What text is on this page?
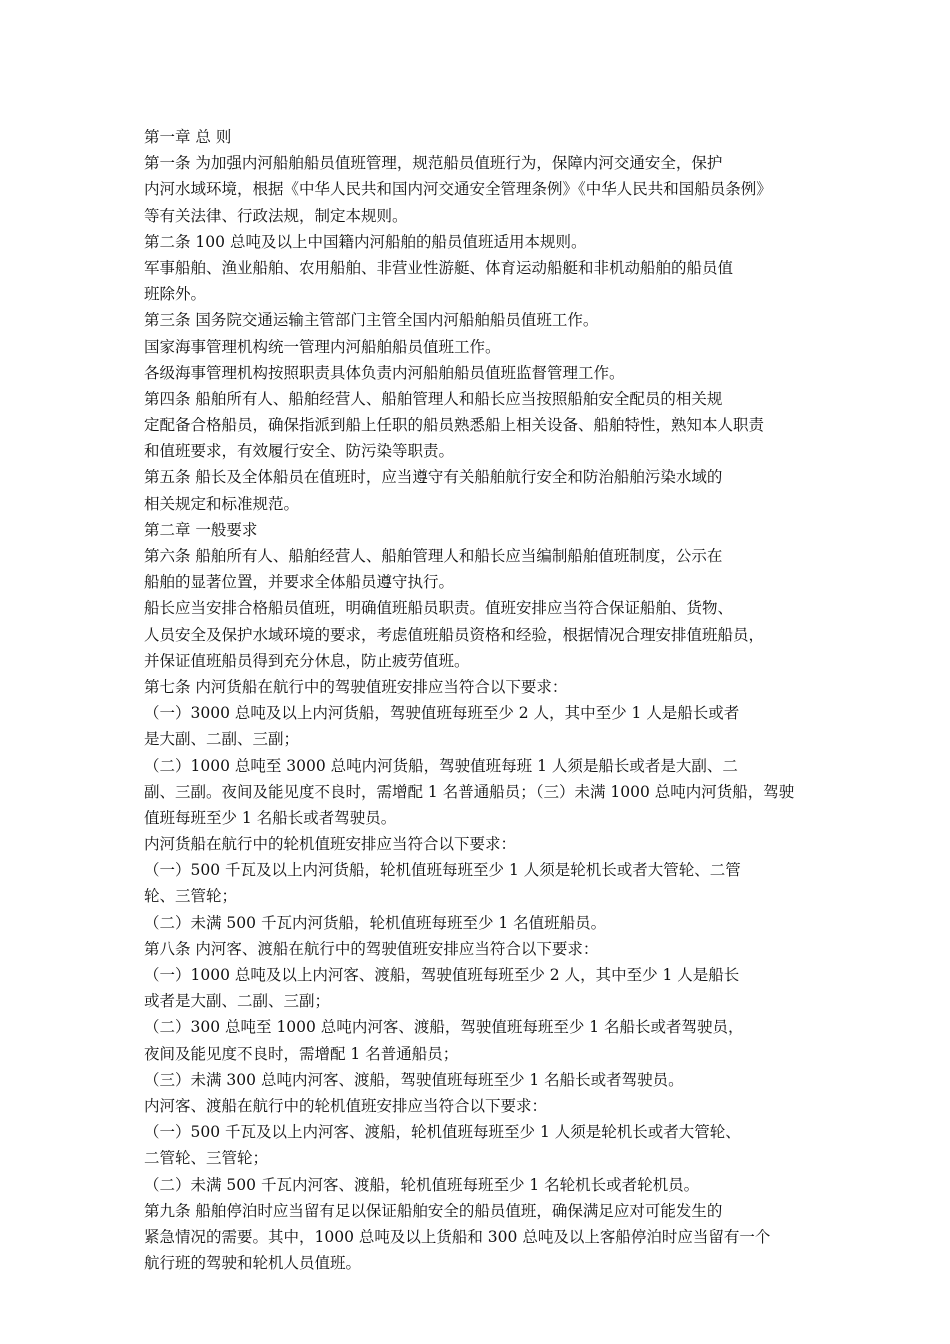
第一章 总 则
第一条 为加强内河船舶船员值班管理，规范船员值班行为，保障内河交通安全，保护
内河水域环境，根据《中华人民共和国内河交通安全管理条例》《中华人民共和国船员条例》
等有关法律、行政法规，制定本规则。
第二条 100 总吨及以上中国籍内河船舶的船员值班适用本规则。
军事船舶、渔业船舶、农用船舶、非营业性游艇、体育运动船艇和非机动船舶的船员值
班除外。
第三条 国务院交通运输主管部门主管全国内河船舶船员值班工作。
国家海事管理机构统一管理内河船舶船员值班工作。
各级海事管理机构按照职责具体负责内河船舶船员值班监督管理工作。
第四条 船舶所有人、船舶经营人、船舶管理人和船长应当按照船舶安全配员的相关规
定配备合格船员，确保指派到船上任职的船员熟悉船上相关设备、船舶特性，熟知本人职责
和值班要求，有效履行安全、防污染等职责。
第五条 船长及全体船员在值班时，应当遵守有关船舶航行安全和防治船舶污染水域的
相关规定和标准规范。
第二章 一般要求
第六条 船舶所有人、船舶经营人、船舶管理人和船长应当编制船舶值班制度，公示在
船舶的显著位置，并要求全体船员遵守执行。
船长应当安排合格船员值班，明确值班船员职责。值班安排应当符合保证船舶、货物、
人员安全及保护水域环境的要求，考虑值班船员资格和经验，根据情况合理安排值班船员，
并保证值班船员得到充分休息，防止疲劳值班。
第七条 内河货船在航行中的驾驶值班安排应当符合以下要求：
（一）3000 总吨及以上内河货船，驾驶值班每班至少 2 人，其中至少 1 人是船长或者
是大副、二副、三副；
（二）1000 总吨至 3000 总吨内河货船，驾驶值班每班 1 人须是船长或者是大副、二
副、三副。夜间及能见度不良时，需增配 1 名普通船员；（三）未满 1000 总吨内河货船，驾驶
值班每班至少 1 名船长或者驾驶员。
内河货船在航行中的轮机值班安排应当符合以下要求：
（一）500 千瓦及以上内河货船，轮机值班每班至少 1 人须是轮机长或者大管轮、二管
轮、三管轮；
（二）未满 500 千瓦内河货船，轮机值班每班至少 1 名值班船员。
第八条 内河客、渡船在航行中的驾驶值班安排应当符合以下要求：
（一）1000 总吨及以上内河客、渡船，驾驶值班每班至少 2 人，其中至少 1 人是船长
或者是大副、二副、三副；
（二）300 总吨至 1000 总吨内河客、渡船，驾驶值班每班至少 1 名船长或者驾驶员，
夜间及能见度不良时，需增配 1 名普通船员；
（三）未满 300 总吨内河客、渡船，驾驶值班每班至少 1 名船长或者驾驶员。
内河客、渡船在航行中的轮机值班安排应当符合以下要求：
（一）500 千瓦及以上内河客、渡船，轮机值班每班至少 1 人须是轮机长或者大管轮、
二管轮、三管轮；
（二）未满 500 千瓦内河客、渡船，轮机值班每班至少 1 名轮机长或者轮机员。
第九条 船舶停泊时应当留有足以保证船舶安全的船员值班，确保满足应对可能发生的
紧急情况的需要。其中，1000 总吨及以上货船和 300 总吨及以上客船停泊时应当留有一个
航行班的驾驶和轮机人员值班。
